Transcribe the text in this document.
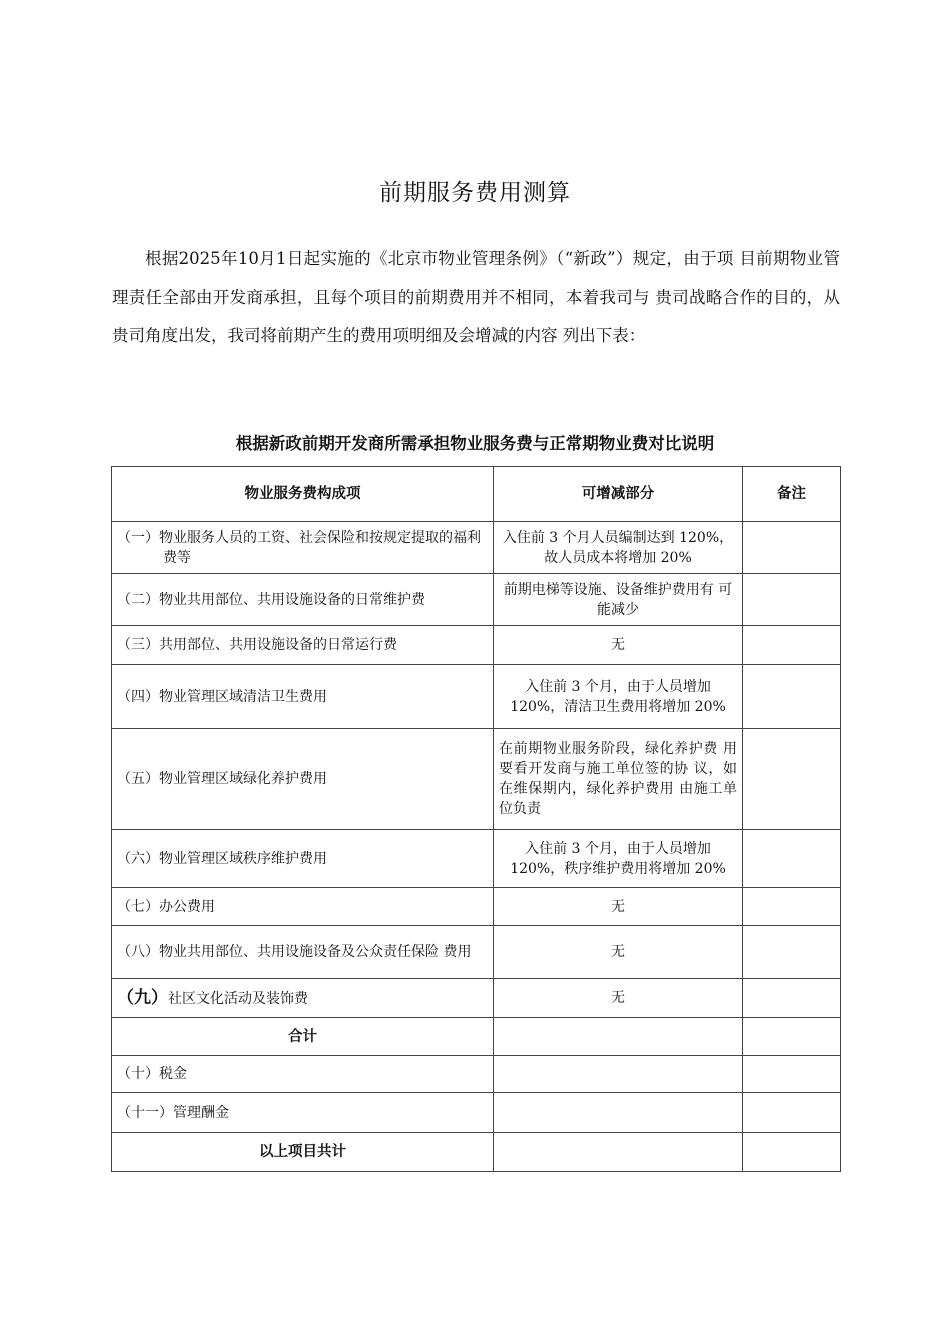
前期服务费用测算

根据2025年10月1日起实施的《北京市物业管理条例》（“新政”）规定，由于项 目前期物业管理责任全部由开发商承担，且每个项目的前期费用并不相同，本着我司与 贵司战略合作的目的，从贵司角度出发，我司将前期产生的费用项明细及会增减的内容 列出下表：

根据新政前期开发商所需承担物业服务费与正常期物业费对比说明
物业服务费构成项	可增减部分	备注

（一）物业服务人员的工资、社会保险和按规定提取的福利费等	入住前 3 个月人员编制达到 120%， 故人员成本将增加 20%	
（二）物业共用部位、共用设施设备的日常维护费	前期电梯等设施、设备维护费用有 可能减少	
（三）共用部位、共用设施设备的日常运行费	无	
（四）物业管理区域清洁卫生费用	入住前 3 个月，由于人员增加 120%，清洁卫生费用将增加 20%	
（五）物业管理区域绿化养护费用	在前期物业服务阶段，绿化养护费 用要看开发商与施工单位签的协 议，如在维保期内，绿化养护费用 由施工单位负责	
（六）物业管理区域秩序维护费用	入住前 3 个月，由于人员增加 120%，秩序维护费用将增加 20%	
（七）办公费用	无	

（八）物业共用部位、共用设施设备及公众责任保险 费用	无	
（九）社区文化活动及装饰费	无	
合计		
（十）税金		
（十一）管理酬金		
以上项目共计		
